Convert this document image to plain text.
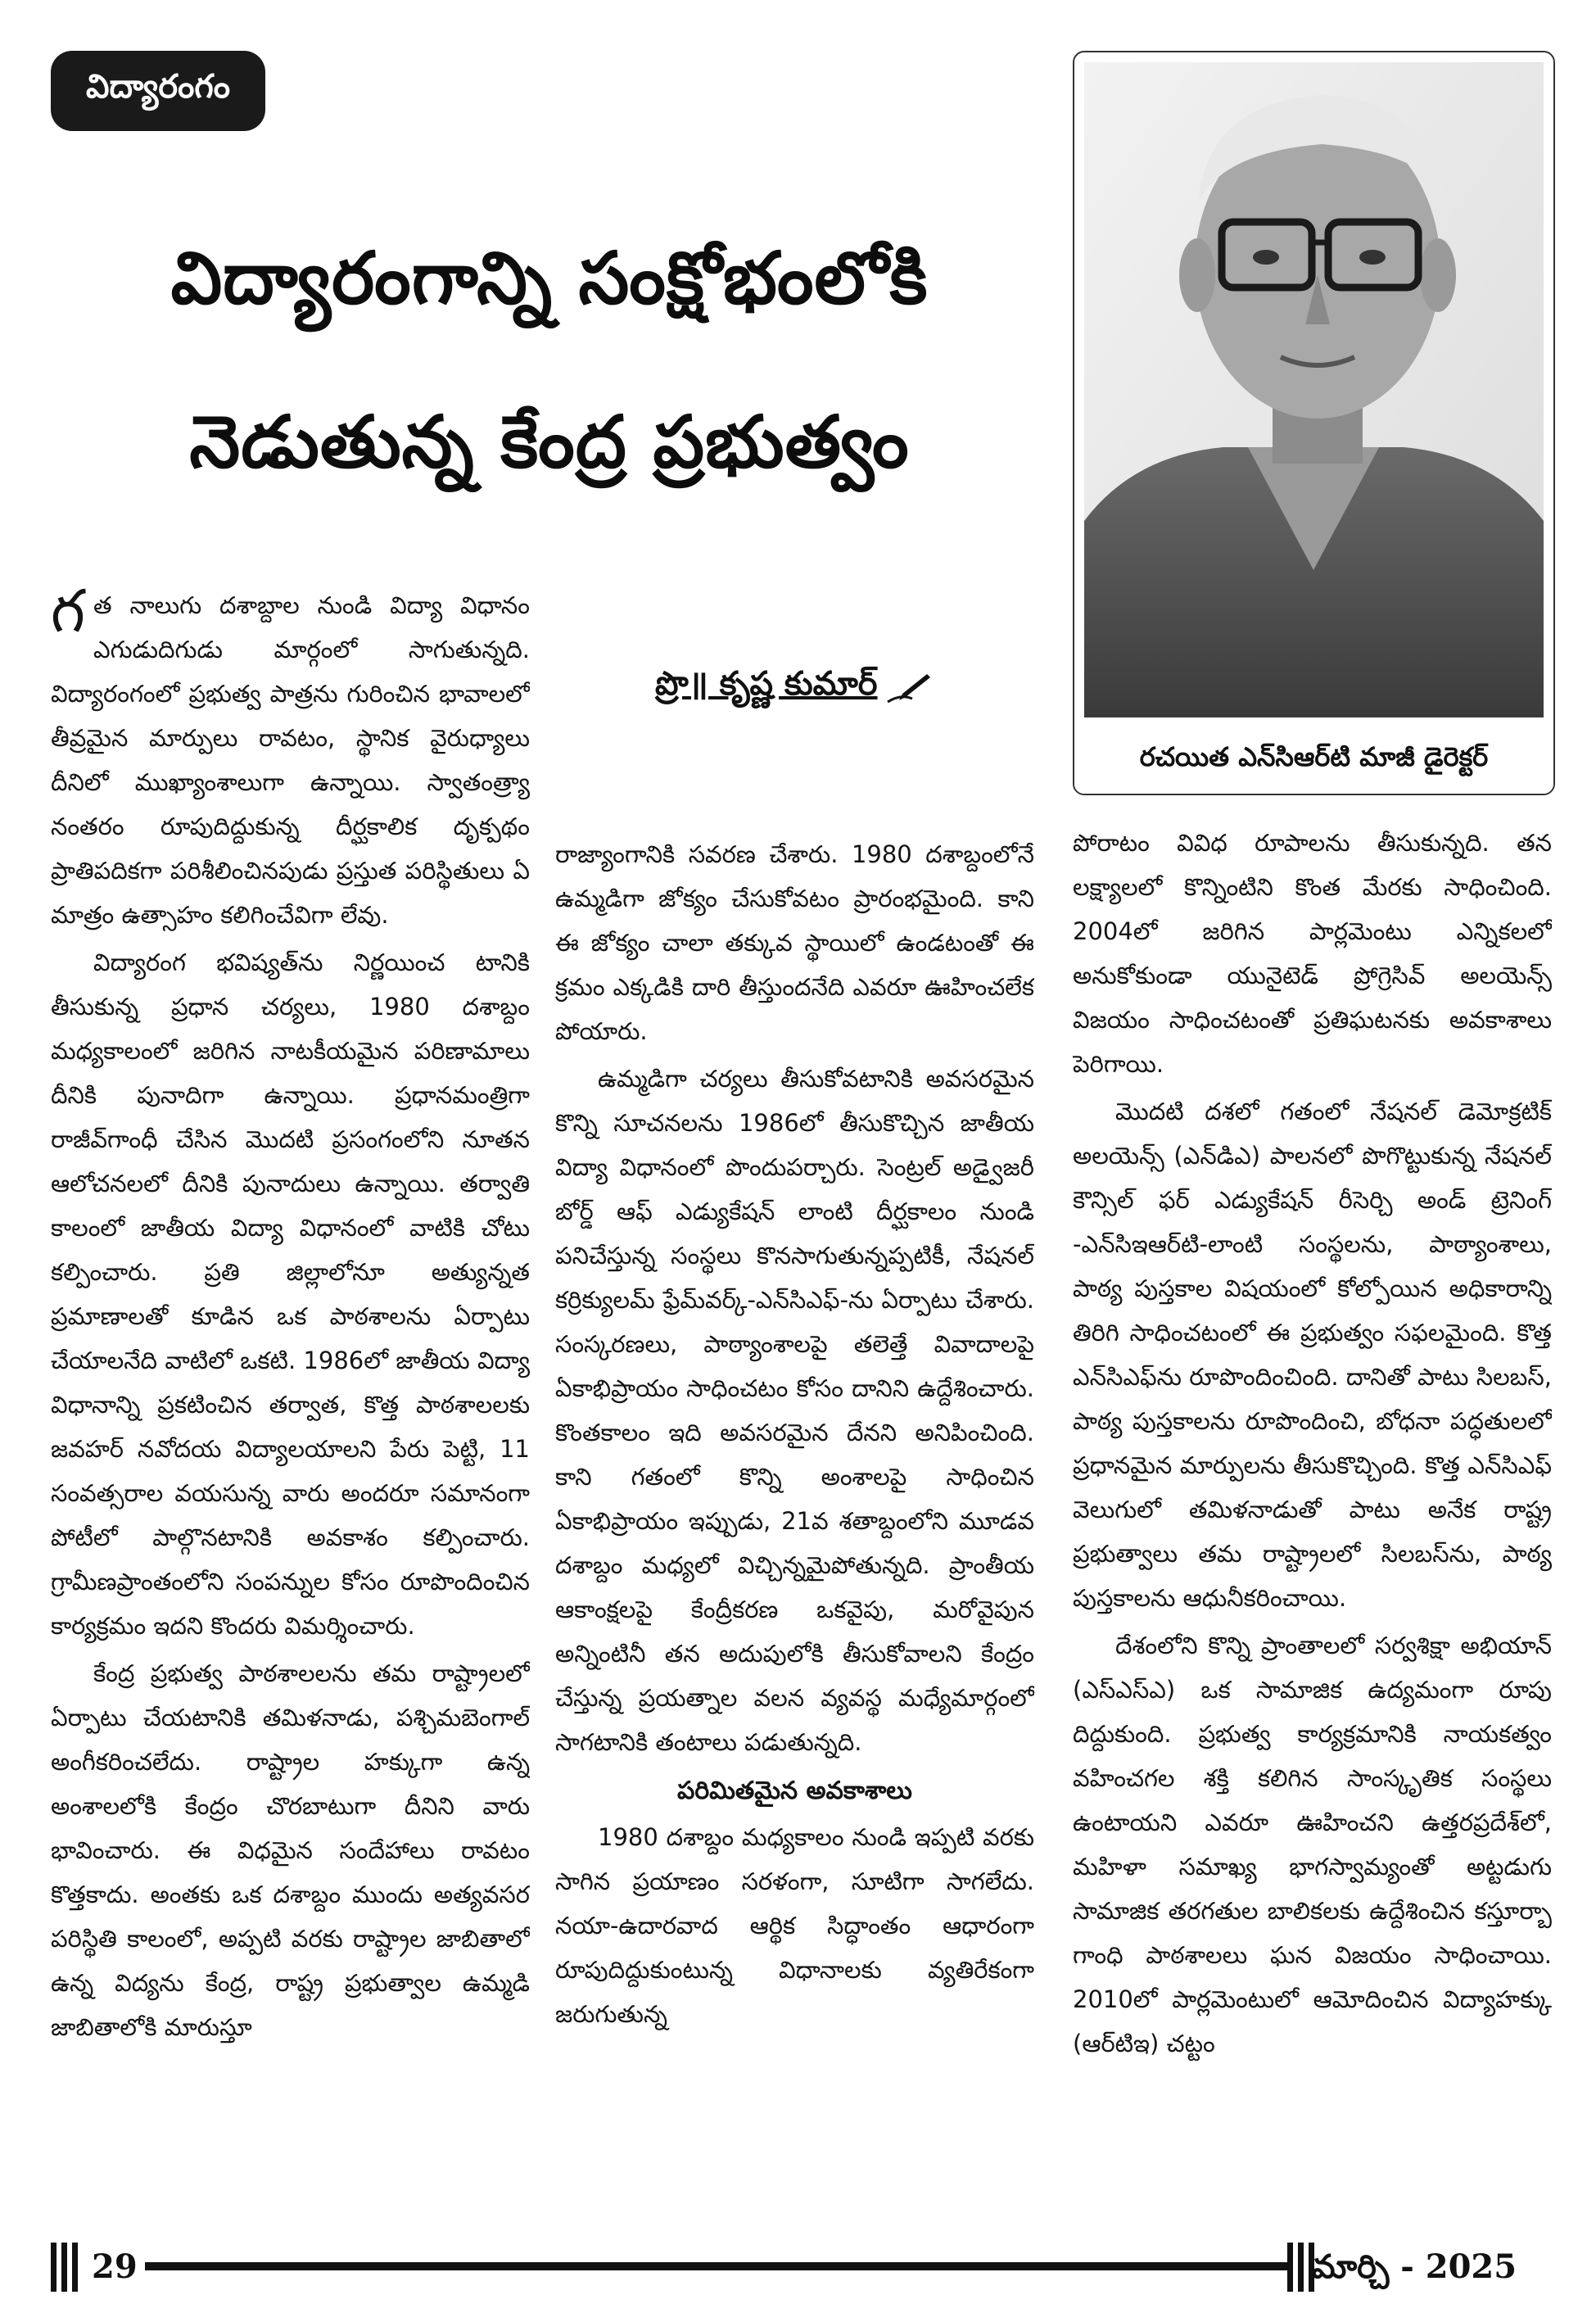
విద్యారంగం
విద్యారంగాన్ని సంక్షోభంలోకి
నెడుతున్న కేంద్ర ప్రభుత్వం
రచయిత ఎన్‌సిఆర్‌టి మాజీ డైరెక్టర్
ప్రొ॥ కృష్ణ కుమార్

గత నాలుగు దశాబ్దాల నుండి విద్యా విధానం ఎగుడుదిగుడు మార్గంలో సాగుతున్నది. విద్యారంగంలో ప్రభుత్వ పాత్రను గురించిన భావాలలో తీవ్రమైన మార్పులు రావటం, స్థానిక వైరుధ్యాలు దీనిలో ముఖ్యాంశాలుగా ఉన్నాయి. స్వాతంత్ర్యా నంతరం రూపుదిద్దుకున్న దీర్ఘకాలిక దృక్పథం ప్రాతిపదికగా పరిశీలించినపుడు ప్రస్తుత పరిస్థితులు ఏ మాత్రం ఉత్సాహం కలిగించేవిగా లేవు.

విద్యారంగ భవిష్యత్‌ను నిర్ణయించ టానికి తీసుకున్న ప్రధాన చర్యలు, 1980 దశాబ్దం మధ్యకాలంలో జరిగిన నాటకీయమైన పరిణామాలు దీనికి పునాదిగా ఉన్నాయి. ప్రధానమంత్రిగా రాజీవ్‌గాంధీ చేసిన మొదటి ప్రసంగంలోని నూతన ఆలోచనలలో దీనికి పునాదులు ఉన్నాయి. తర్వాతి కాలంలో జాతీయ విద్యా విధానంలో వాటికి చోటు కల్పించారు. ప్రతి జిల్లాలోనూ అత్యున్నత ప్రమాణాలతో కూడిన ఒక పాఠశాలను ఏర్పాటు చేయాలనేది వాటిలో ఒకటి. 1986లో జాతీయ విద్యా విధానాన్ని ప్రకటించిన తర్వాత, కొత్త పాఠశాలలకు జవహర్ నవోదయ విద్యాలయాలని పేరు పెట్టి, 11 సంవత్సరాల వయసున్న వారు అందరూ సమానంగా పోటీలో పాల్గొనటానికి అవకాశం కల్పించారు. గ్రామీణప్రాంతంలోని సంపన్నుల కోసం రూపొందించిన కార్యక్రమం ఇదని కొందరు విమర్శించారు.

కేంద్ర ప్రభుత్వ పాఠశాలలను తమ రాష్ట్రాలలో ఏర్పాటు చేయటానికి తమిళనాడు, పశ్చిమబెంగాల్ అంగీకరించలేదు. రాష్ట్రాల హక్కుగా ఉన్న అంశాలలోకి కేంద్రం చొరబాటుగా దీనిని వారు భావించారు. ఈ విధమైన సందేహాలు రావటం కొత్తకాదు. అంతకు ఒక దశాబ్దం ముందు అత్యవసర పరిస్థితి కాలంలో, అప్పటి వరకు రాష్ట్రాల జాబితాలో ఉన్న విద్యను కేంద్ర, రాష్ట్ర ప్రభుత్వాల ఉమ్మడి జాబితాలోకి మారుస్తూ

రాజ్యాంగానికి సవరణ చేశారు. 1980 దశాబ్దంలోనే ఉమ్మడిగా జోక్యం చేసుకోవటం ప్రారంభమైంది. కాని ఈ జోక్యం చాలా తక్కువ స్థాయిలో ఉండటంతో ఈ క్రమం ఎక్కడికి దారి తీస్తుందనేది ఎవరూ ఊహించలేక పోయారు.

ఉమ్మడిగా చర్యలు తీసుకోవటానికి అవసరమైన కొన్ని సూచనలను 1986లో తీసుకొచ్చిన జాతీయ విద్యా విధానంలో పొందుపర్చారు. సెంట్రల్ అడ్వైజరీ బోర్డ్ ఆఫ్ ఎడ్యుకేషన్ లాంటి దీర్ఘకాలం నుండి పనిచేస్తున్న సంస్థలు కొనసాగుతున్నప్పటికీ, నేషనల్ కర్రిక్యులమ్ ఫ్రేమ్‌వర్క్-ఎన్‌సిఎఫ్-ను ఏర్పాటు చేశారు. సంస్కరణలు, పాఠ్యాంశాలపై తలెత్తే వివాదాలపై ఏకాభిప్రాయం సాధించటం కోసం దానిని ఉద్దేశించారు. కొంతకాలం ఇది అవసరమైన దేనని అనిపించింది. కాని గతంలో కొన్ని అంశాలపై సాధించిన ఏకాభిప్రాయం ఇప్పుడు, 21వ శతాబ్దంలోని మూడవ దశాబ్దం మధ్యలో విచ్చిన్నమైపోతున్నది. ప్రాంతీయ ఆకాంక్షలపై కేంద్రీకరణ ఒకవైపు, మరోవైపున అన్నింటినీ తన అదుపులోకి తీసుకోవాలని కేంద్రం చేస్తున్న ప్రయత్నాల వలన వ్యవస్థ మధ్యేమార్గంలో సాగటానికి తంటాలు పడుతున్నది.

పరిమితమైన అవకాశాలు

1980 దశాబ్దం మధ్యకాలం నుండి ఇప్పటి వరకు సాగిన ప్రయాణం సరళంగా, సూటిగా సాగలేదు. నయా-ఉదారవాద ఆర్థిక సిద్ధాంతం ఆధారంగా రూపుదిద్దుకుంటున్న విధానాలకు వ్యతిరేకంగా జరుగుతున్న

పోరాటం వివిధ రూపాలను తీసుకున్నది. తన లక్ష్యాలలో కొన్నింటిని కొంత మేరకు సాధించింది. 2004లో జరిగిన పార్లమెంటు ఎన్నికలలో అనుకోకుండా యునైటెడ్ ప్రోగ్రెసివ్ అలయెన్స్ విజయం సాధించటంతో ప్రతిఘటనకు అవకాశాలు పెరిగాయి.

మొదటి దశలో గతంలో నేషనల్ డెమోక్రటిక్ అలయెన్స్ (ఎన్‌డిఎ) పాలనలో పొగొట్టుకున్న నేషనల్ కౌన్సిల్ ఫర్ ఎడ్యుకేషన్ రీసెర్చి అండ్ ట్రెనింగ్ -ఎన్‌సిఇఆర్‌టి-లాంటి సంస్థలను, పాఠ్యాంశాలు, పాఠ్య పుస్తకాల విషయంలో కోల్పోయిన అధికారాన్ని తిరిగి సాధించటంలో ఈ ప్రభుత్వం సఫలమైంది. కొత్త ఎన్‌సిఎఫ్‌ను రూపొందించింది. దానితో పాటు సిలబస్, పాఠ్య పుస్తకాలను రూపొందించి, బోధనా పద్ధతులలో ప్రధానమైన మార్పులను తీసుకొచ్చింది. కొత్త ఎన్‌సిఎఫ్ వెలుగులో తమిళనాడుతో పాటు అనేక రాష్ట్ర ప్రభుత్వాలు తమ రాష్ట్రాలలో సిలబస్‌ను, పాఠ్య పుస్తకాలను ఆధునీకరించాయి.

దేశంలోని కొన్ని ప్రాంతాలలో సర్వశిక్షా అభియాన్ (ఎస్‌ఎస్‌ఎ) ఒక సామాజిక ఉద్యమంగా రూపు దిద్దుకుంది. ప్రభుత్వ కార్యక్రమానికి నాయకత్వం వహించగల శక్తి కలిగిన సాంస్కృతిక సంస్థలు ఉంటాయని ఎవరూ ఊహించని ఉత్తరప్రదేశ్‌లో, మహిళా సమాఖ్య భాగస్వామ్యంతో అట్టడుగు సామాజిక తరగతుల బాలికలకు ఉద్దేశించిన కస్తూర్బా గాంధి పాఠశాలలు ఘన విజయం సాధించాయి. 2010లో పార్లమెంటులో ఆమోదించిన విద్యాహక్కు (ఆర్‌టిఇ) చట్టం

29	మార్చి - 2025
